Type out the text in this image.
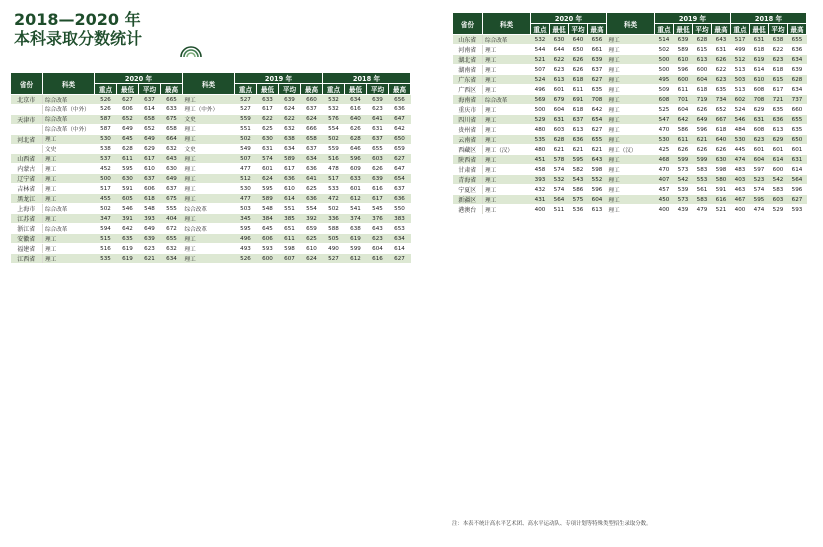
2018—2020 年
本科录取分数统计
省份	科类	2020 年				科类	2019 年				2018 年			
		重点	最低	平均	最高		重点	最低	平均	最高	重点	最低	平均	最高
北京市	综合改革	526	627	637	665	理工	527	633	639	660	532	634	639	656
	综合改革（中外）	526	606	614	633	理工（中外）	527	617	624	637	532	616	623	636
天津市	综合改革	587	652	658	675	文史	559	622	622	624	576	640	641	647
	综合改革（中外）	587	649	652	658	理工	551	625	632	666	554	626	631	642
河北省	理工	530	645	649	664	理工	502	630	638	658	502	628	637	650
	文史	538	628	629	632	文史	549	631	634	637	559	646	655	659
山西省	理工	537	611	617	643	理工	507	574	589	634	516	596	603	627
内蒙古	理工	452	595	610	630	理工	477	601	617	636	478	609	626	647
辽宁省	理工	500	630	637	649	理工	512	624	636	641	517	633	639	654
吉林省	理工	517	591	606	637	理工	530	595	610	625	533	601	616	637
黑龙江	理工	455	605	618	675	理工	477	589	614	636	472	612	617	636
上海市	综合改革	502	546	548	555	综合改革	503	548	551	554	502	541	545	550
江苏省	理工	347	391	393	404	理工	345	384	385	392	336	374	376	383
浙江省	综合改革	594	642	649	672	综合改革	595	645	651	659	588	638	643	653
安徽省	理工	515	635	639	655	理工	496	606	611	625	505	619	623	634
福建省	理工	516	619	623	632	理工	493	593	598	610	490	599	604	614
江西省	理工	535	619	621	634	理工	526	600	607	624	527	612	616	627
省份	科类	2020 年				科类	2019 年				2018 年			
		重点	最低	平均	最高		重点	最低	平均	最高	重点	最低	平均	最高
山东省	综合改革	532	630	640	656	理工	514	639	628	643	517	631	638	655
河南省	理工	544	644	650	661	理工	502	589	615	631	499	618	622	636
湖北省	理工	521	622	626	639	理工	500	610	613	626	512	619	623	634
湖南省	理工	507	623	626	637	理工	500	596	600	622	513	614	618	639
广东省	理工	524	613	618	627	理工	495	600	604	623	503	610	615	628
广西区	理工	496	601	611	635	理工	509	611	618	635	513	608	617	634
海南省	综合改革	569	679	691	708	理工	608	701	719	734	602	708	721	737
重庆市	理工	500	604	618	642	理工	525	604	626	652	524	629	635	660
四川省	理工	529	631	637	654	理工	547	642	649	667	546	631	636	655
贵州省	理工	480	603	613	627	理工	470	586	596	618	484	608	613	635
云南省	理工	535	628	636	655	理工	530	611	621	640	530	623	629	650
西藏区	理工（汉）	480	621	621	621	理工（汉）	425	626	626	626	445	601	601	601
陕西省	理工	451	578	595	643	理工	468	599	599	630	474	604	614	631
甘肃省	理工	458	574	582	598	理工	470	573	583	598	483	597	600	614
青海省	理工	393	532	543	552	理工	407	542	553	580	403	523	542	564
宁夏区	理工	432	574	586	596	理工	457	539	561	591	463	574	583	596
新疆区	理工	431	564	575	604	理工	450	573	583	616	467	595	603	627
港澳台	理工	400	511	536	613	理工	400	439	479	521	400	474	529	593
注：本表不统计高水平艺术团、高水平运动队、专项计划等特殊类型招生录取分数。
